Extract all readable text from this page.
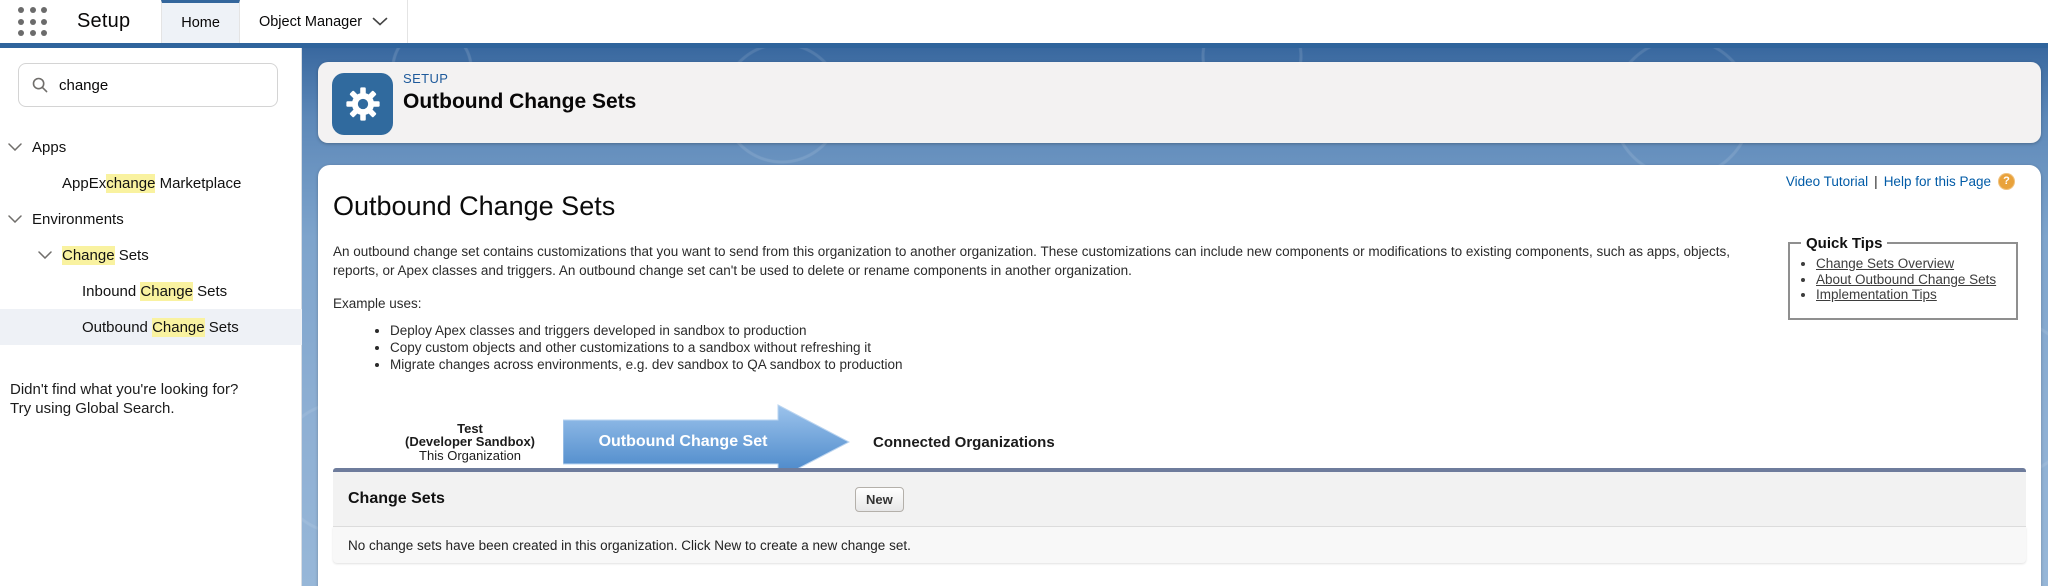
Setup	Home	Object Manager
change
Apps
AppExchange Marketplace
Environments
Change Sets
Inbound Change Sets
Outbound Change Sets
Didn't find what you're looking for?
Try using Global Search.
SETUP
Outbound Change Sets
Video Tutorial | Help for this Page	?
Outbound Change Sets
Quick Tips
• Change Sets Overview
• About Outbound Change Sets
• Implementation Tips

An outbound change set contains customizations that you want to send from this organization to another organization. These customizations can include new components or modifications to existing components, such as apps, objects, reports, or Apex classes and triggers. An outbound change set can't be used to delete or rename components in another organization.

Example uses:

• Deploy Apex classes and triggers developed in sandbox to production
• Copy custom objects and other customizations to a sandbox without refreshing it
• Migrate changes across environments, e.g. dev sandbox to QA sandbox to production
Test
(Developer Sandbox)
This Organization
Outbound Change Set	Connected Organizations
Change Sets	New
No change sets have been created in this organization. Click New to create a new change set.
